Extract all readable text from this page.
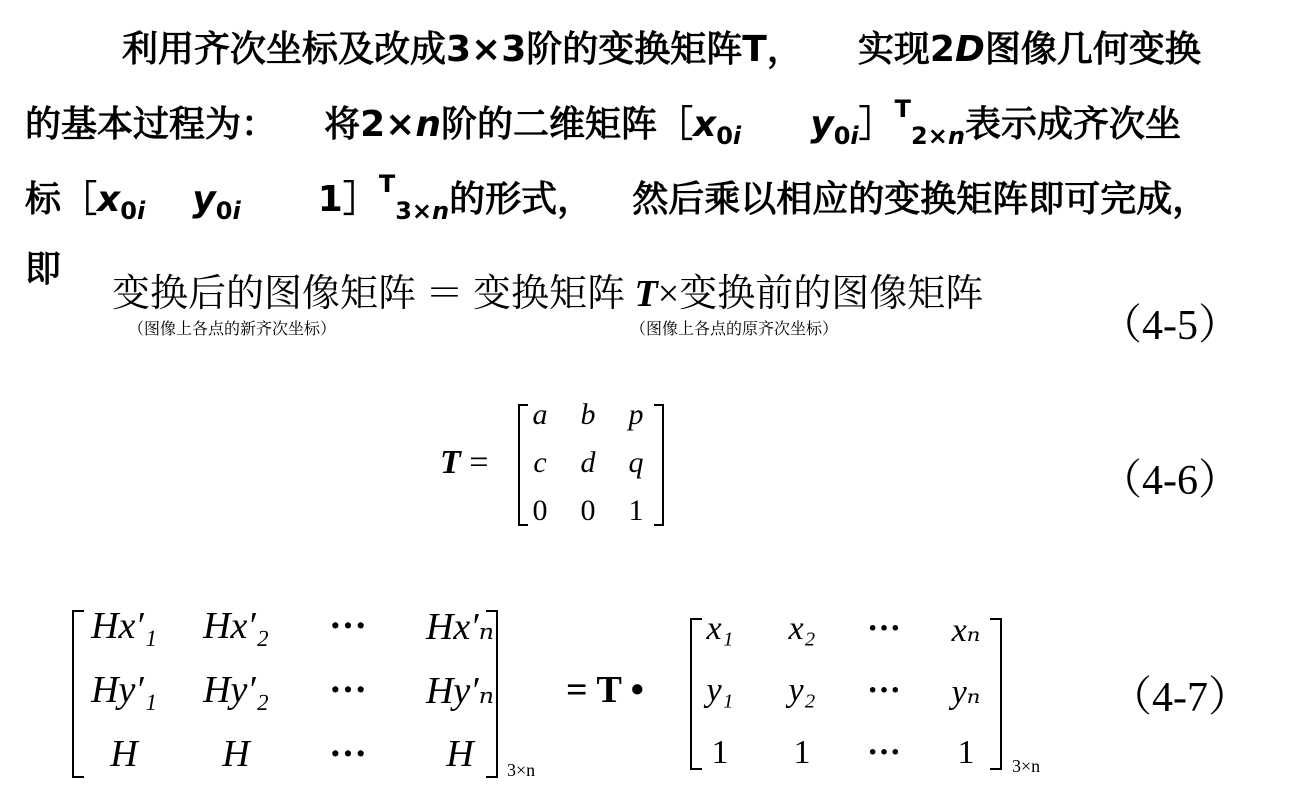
利用齐次坐标及改成3×3阶的变换矩阵T， 实现2D图像几何变换
的基本过程为： 将2×n阶的二维矩阵$[x_{0i}$ $y_{0i}]^T_{2\times n}$表示成齐次坐
标$[x_{0i}$ $y_{0i}$ 1］$^T_{3\times n}$的形式， 然后乘以相应的变换矩阵即可完成，
即
变换后的图像矩阵 ＝ 变换矩阵 T×变换前的图像矩阵
（图像上各点的新齐次坐标）	（图像上各点的原齐次坐标）	（4-5）
T =
a	b	p
c	d	q
0	0	1
（4-6）
3×n
Hx′₁	Hx′₂	···	Hx′ₙ
Hy′₁	Hy′₂	···	Hy′ₙ
H	H	···	H
= T •
3×n
x₁	x₂	···	xₙ
y₁	y₂	···	yₙ
1	1	···	1
（4-7）
